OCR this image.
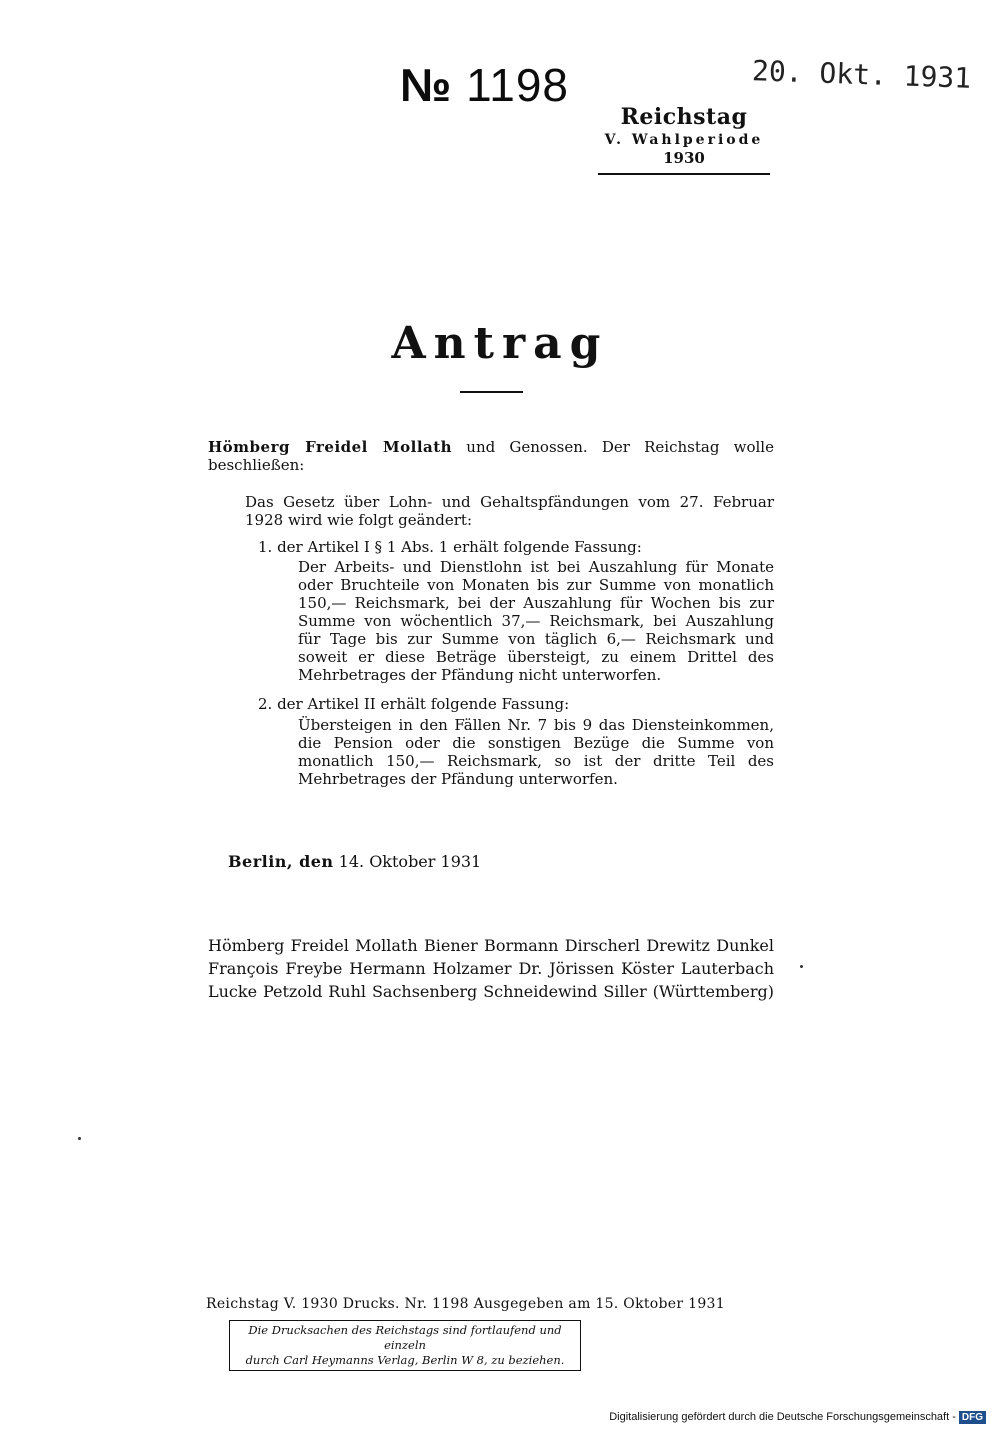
№ 1198	20. Okt. 1931
Reichstag
V. Wahlperiode
1930
Antrag
Hömberg Freidel Mollath und Genossen. Der Reichstag wolle beschließen:
Das Gesetz über Lohn- und Gehaltspfändungen vom 27. Februar 1928 wird wie folgt geändert:
1. der Artikel I § 1 Abs. 1 erhält folgende Fassung:
Der Arbeits- und Dienstlohn ist bei Auszahlung für Monate oder Bruchteile von Monaten bis zur Summe von monatlich 150,— Reichsmark, bei der Auszahlung für Wochen bis zur Summe von wöchentlich 37,— Reichsmark, bei Auszahlung für Tage bis zur Summe von täglich 6,— Reichsmark und soweit er diese Beträge übersteigt, zu einem Drittel des Mehrbetrages der Pfändung nicht unterworfen.
2. der Artikel II erhält folgende Fassung:
Übersteigen in den Fällen Nr. 7 bis 9 das Diensteinkommen, die Pension oder die sonstigen Bezüge die Summe von monatlich 150,— Reichsmark, so ist der dritte Teil des Mehrbetrages der Pfändung unterworfen.
Berlin, den 14. Oktober 1931
Hömberg Freidel Mollath Biener Bormann Dirscherl Drewitz Dunkel
François Freybe Hermann Holzamer Dr. Jörissen Köster Lauterbach
Lucke Petzold Ruhl Sachsenberg Schneidewind Siller (Württemberg)
Reichstag V. 1930 Drucks. Nr. 1198 Ausgegeben am 15. Oktober 1931
Die Drucksachen des Reichstags sind fortlaufend und einzeln
durch Carl Heymanns Verlag, Berlin W 8, zu beziehen.
Digitalisierung gefördert durch die Deutsche Forschungsgemeinschaft - DFG
